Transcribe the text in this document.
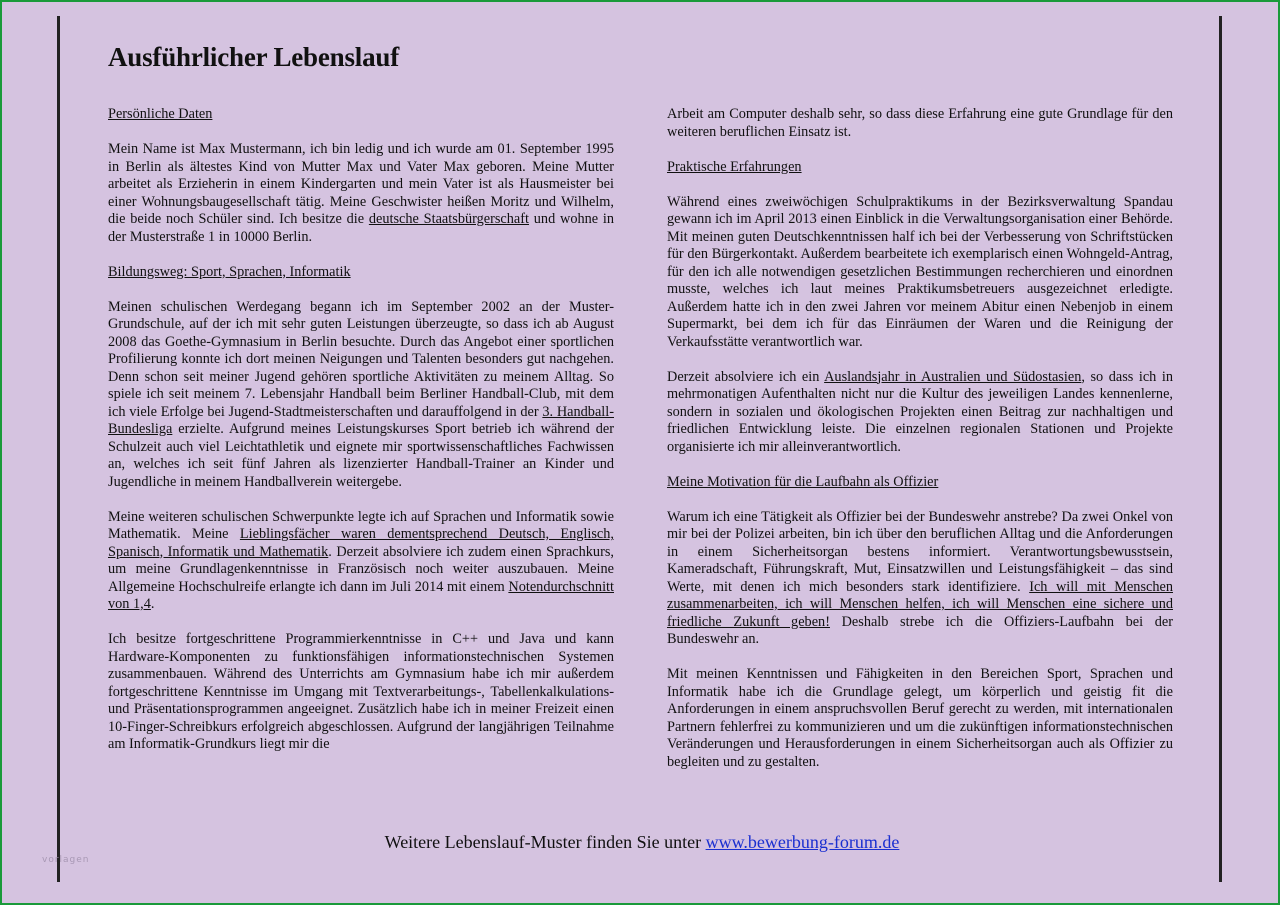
Ausführlicher Lebenslauf
Persönliche Daten

Mein Name ist Max Mustermann, ich bin ledig und ich wurde am 01. September 1995 in Berlin als ältestes Kind von Mutter Max und Vater Max geboren. Meine Mutter arbeitet als Erzieherin in einem Kindergarten und mein Vater ist als Hausmeister bei einer Wohnungsbaugesellschaft tätig. Meine Geschwister heißen Moritz und Wilhelm, die beide noch Schüler sind. Ich besitze die deutsche Staatsbürgerschaft und wohne in der Musterstraße 1 in 10000 Berlin.

Bildungsweg: Sport, Sprachen, Informatik

Meinen schulischen Werdegang begann ich im September 2002 an der Muster-Grundschule, auf der ich mit sehr guten Leistungen überzeugte, so dass ich ab August 2008 das Goethe-Gymnasium in Berlin besuchte. Durch das Angebot einer sportlichen Profilierung konnte ich dort meinen Neigungen und Talenten besonders gut nachgehen. Denn schon seit meiner Jugend gehören sportliche Aktivitäten zu meinem Alltag. So spiele ich seit meinem 7. Lebensjahr Handball beim Berliner Handball-Club, mit dem ich viele Erfolge bei Jugend-Stadtmeisterschaften und darauffolgend in der 3. Handball-Bundesliga erzielte. Aufgrund meines Leistungskurses Sport betrieb ich während der Schulzeit auch viel Leichtathletik und eignete mir sportwissenschaftliches Fachwissen an, welches ich seit fünf Jahren als lizenzierter Handball-Trainer an Kinder und Jugendliche in meinem Handballverein weitergebe.

Meine weiteren schulischen Schwerpunkte legte ich auf Sprachen und Informatik sowie Mathematik. Meine Lieblingsfächer waren dementsprechend Deutsch, Englisch, Spanisch, Informatik und Mathematik. Derzeit absolviere ich zudem einen Sprachkurs, um meine Grundlagenkenntnisse in Französisch noch weiter auszubauen. Meine Allgemeine Hochschulreife erlangte ich dann im Juli 2014 mit einem Notendurchschnitt von 1,4.

Ich besitze fortgeschrittene Programmierkenntnisse in C++ und Java und kann Hardware-Komponenten zu funktionsfähigen informationstechnischen Systemen zusammenbauen. Während des Unterrichts am Gymnasium habe ich mir außerdem fortgeschrittene Kenntnisse im Umgang mit Textverarbeitungs-, Tabellenkalkulations- und Präsentationsprogrammen angeeignet. Zusätzlich habe ich in meiner Freizeit einen 10-Finger-Schreibkurs erfolgreich abgeschlossen. Aufgrund der langjährigen Teilnahme am Informatik-Grundkurs liegt mir die

Arbeit am Computer deshalb sehr, so dass diese Erfahrung eine gute Grundlage für den weiteren beruflichen Einsatz ist.

Praktische Erfahrungen

Während eines zweiwöchigen Schulpraktikums in der Bezirksverwaltung Spandau gewann ich im April 2013 einen Einblick in die Verwaltungsorganisation einer Behörde. Mit meinen guten Deutschkenntnissen half ich bei der Verbesserung von Schriftstücken für den Bürgerkontakt. Außerdem bearbeitete ich exemplarisch einen Wohngeld-Antrag, für den ich alle notwendigen gesetzlichen Bestimmungen recherchieren und einordnen musste, welches ich laut meines Praktikumsbetreuers ausgezeichnet erledigte. Außerdem hatte ich in den zwei Jahren vor meinem Abitur einen Nebenjob in einem Supermarkt, bei dem ich für das Einräumen der Waren und die Reinigung der Verkaufsstätte verantwortlich war.

Derzeit absolviere ich ein Auslandsjahr in Australien und Südostasien, so dass ich in mehrmonatigen Aufenthalten nicht nur die Kultur des jeweiligen Landes kennenlerne, sondern in sozialen und ökologischen Projekten einen Beitrag zur nachhaltigen und friedlichen Entwicklung leiste. Die einzelnen regionalen Stationen und Projekte organisierte ich mir alleinverantwortlich.

Meine Motivation für die Laufbahn als Offizier

Warum ich eine Tätigkeit als Offizier bei der Bundeswehr anstrebe? Da zwei Onkel von mir bei der Polizei arbeiten, bin ich über den beruflichen Alltag und die Anforderungen in einem Sicherheitsorgan bestens informiert. Verantwortungsbewusstsein, Kameradschaft, Führungskraft, Mut, Einsatzwillen und Leistungsfähigkeit – das sind Werte, mit denen ich mich besonders stark identifiziere. Ich will mit Menschen zusammenarbeiten, ich will Menschen helfen, ich will Menschen eine sichere und friedliche Zukunft geben! Deshalb strebe ich die Offiziers-Laufbahn bei der Bundeswehr an.

Mit meinen Kenntnissen und Fähigkeiten in den Bereichen Sport, Sprachen und Informatik habe ich die Grundlage gelegt, um körperlich und geistig fit die Anforderungen in einem anspruchsvollen Beruf gerecht zu werden, mit internationalen Partnern fehlerfrei zu kommunizieren und um die zukünftigen informationstechnischen Veränderungen und Herausforderungen in einem Sicherheitsorgan auch als Offizier zu begleiten und zu gestalten.

Weitere Lebenslauf-Muster finden Sie unter www.bewerbung-forum.de
vorlagen
